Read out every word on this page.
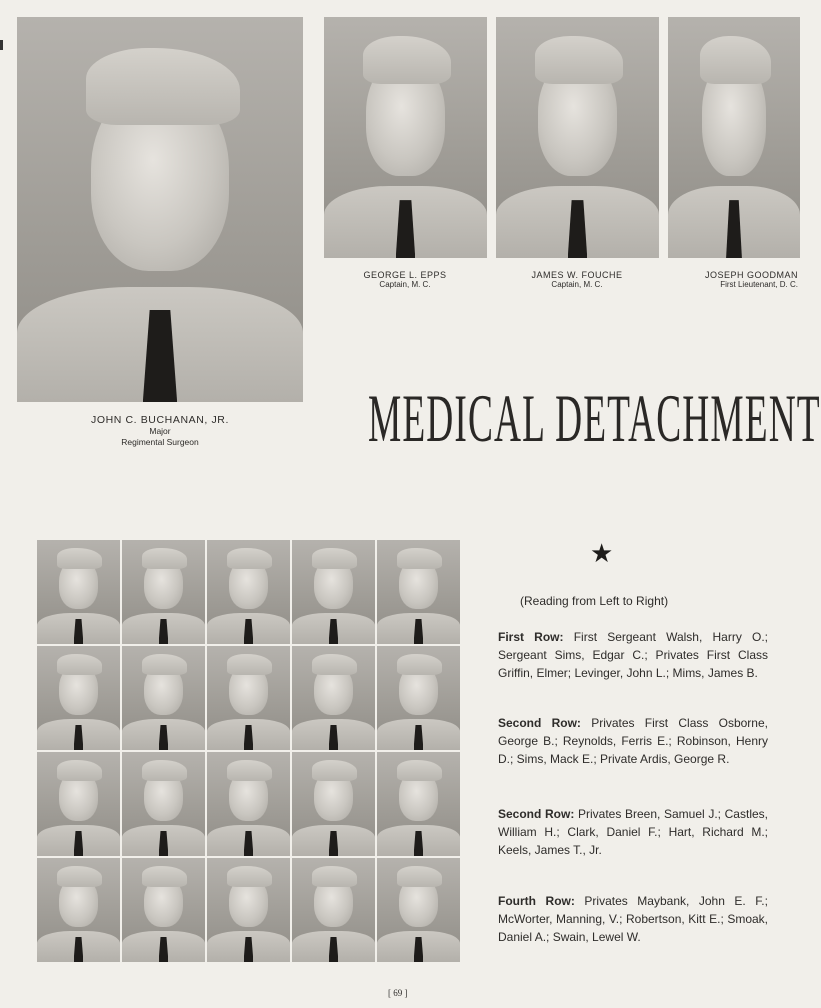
JOHN C. BUCHANAN, JR.
Major
Regimental Surgeon
GEORGE L. EPPS
Captain, M. C.
JAMES W. FOUCHE
Captain, M. C.
JOSEPH GOODMAN
First Lieutenant, D. C.
MEDICAL DETACHMENT
★
(Reading from Left to Right)
First Row: First Sergeant Walsh, Harry O.; Sergeant Sims, Edgar C.; Privates First Class Griffin, Elmer; Levinger, John L.; Mims, James B.
Second Row: Privates First Class Osborne, George B.; Reynolds, Ferris E.; Robinson, Henry D.; Sims, Mack E.; Private Ardis, George R.
Second Row: Privates Breen, Samuel J.; Castles, William H.; Clark, Daniel F.; Hart, Richard M.; Keels, James T., Jr.
Fourth Row: Privates Maybank, John E. F.; McWorter, Manning, V.; Robertson, Kitt E.; Smoak, Daniel A.; Swain, Lewel W.
[ 69 ]
